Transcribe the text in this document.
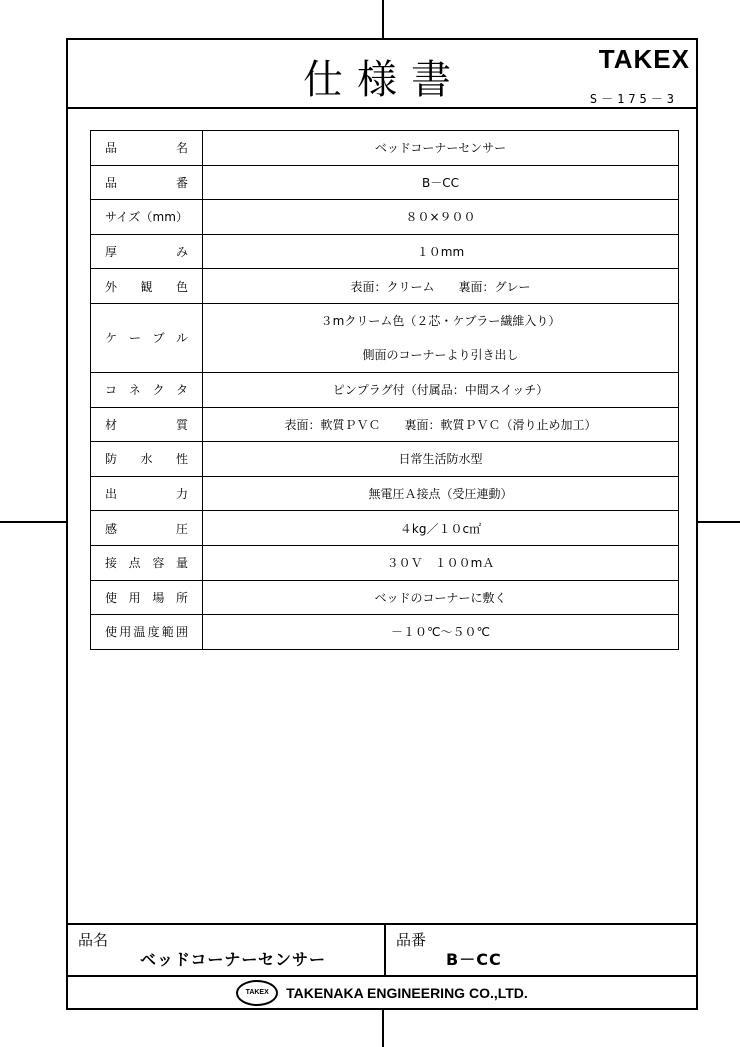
仕様書	TAKEX
S－175－3
品名	ベッドコーナーセンサー

品番	B－CC

サイズ（mm）	８０×９００

厚み	１０mm

外観色	表面：クリーム　　裏面：グレー

ケーブル	３mクリーム色（２芯・ケブラー繊維入り）
側面のコーナーより引き出し

コネクタ	ピンプラグ付（付属品：中間スイッチ）

材質	表面：軟質ＰＶＣ　　裏面：軟質ＰＶＣ（滑り止め加工）

防水性	日常生活防水型

出力	無電圧Ａ接点（受圧連動）

感圧	４kg／１０c㎡

接点容量	３０Ｖ　１００mＡ

使用場所	ベッドのコーナーに敷く

使用温度範囲	－１０℃～５０℃
品名
ベッドコーナーセンサー
品番
B－CC
TAKEX	TAKENAKA ENGINEERING CO.,LTD.
